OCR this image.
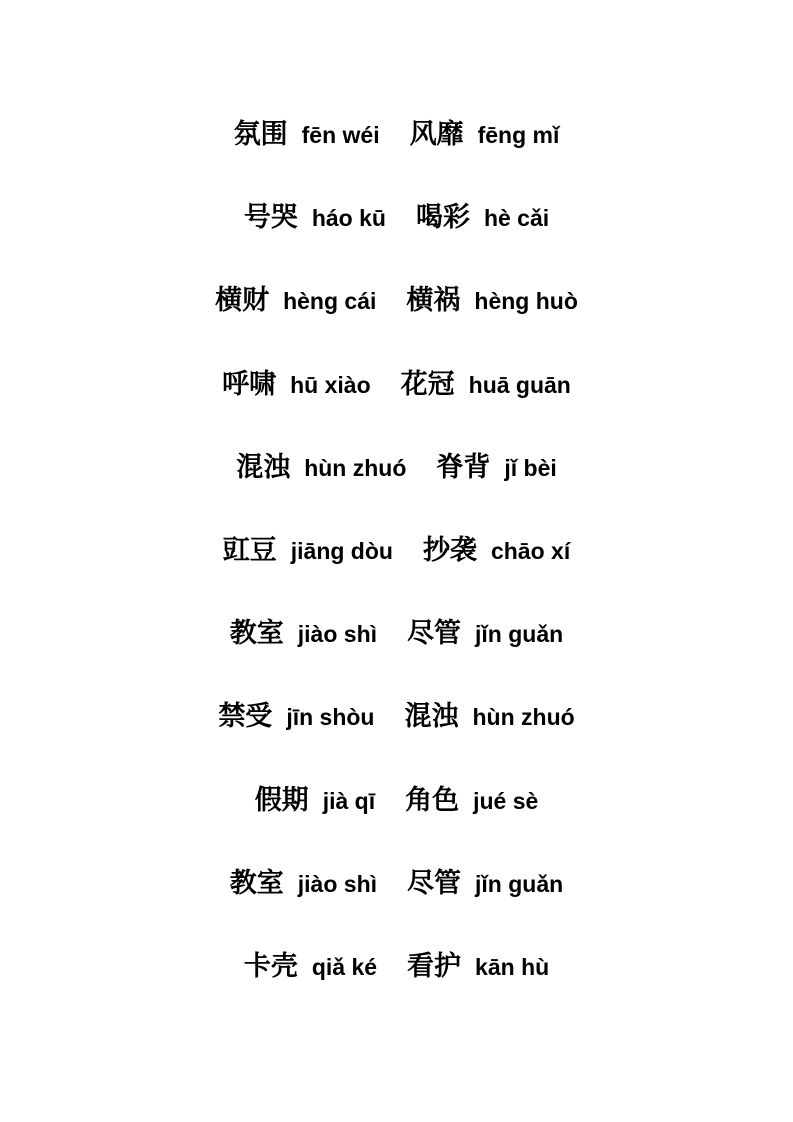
氛围 fēn wéi 风靡 fēng mǐ
号哭 háo kū 喝彩 hè cǎi
横财 hèng cái 横祸 hèng huò
呼啸 hū xiào 花冠 huā guān
混浊 hùn zhuó 脊背 jǐ bèi
豇豆 jiāng dòu 抄袭 chāo xí
教室 jiào shì 尽管 jǐn guǎn
禁受 jīn shòu 混浊 hùn zhuó
假期 jià qī 角色 jué sè
教室 jiào shì 尽管 jǐn guǎn
卡壳 qiǎ ké 看护 kān hù
